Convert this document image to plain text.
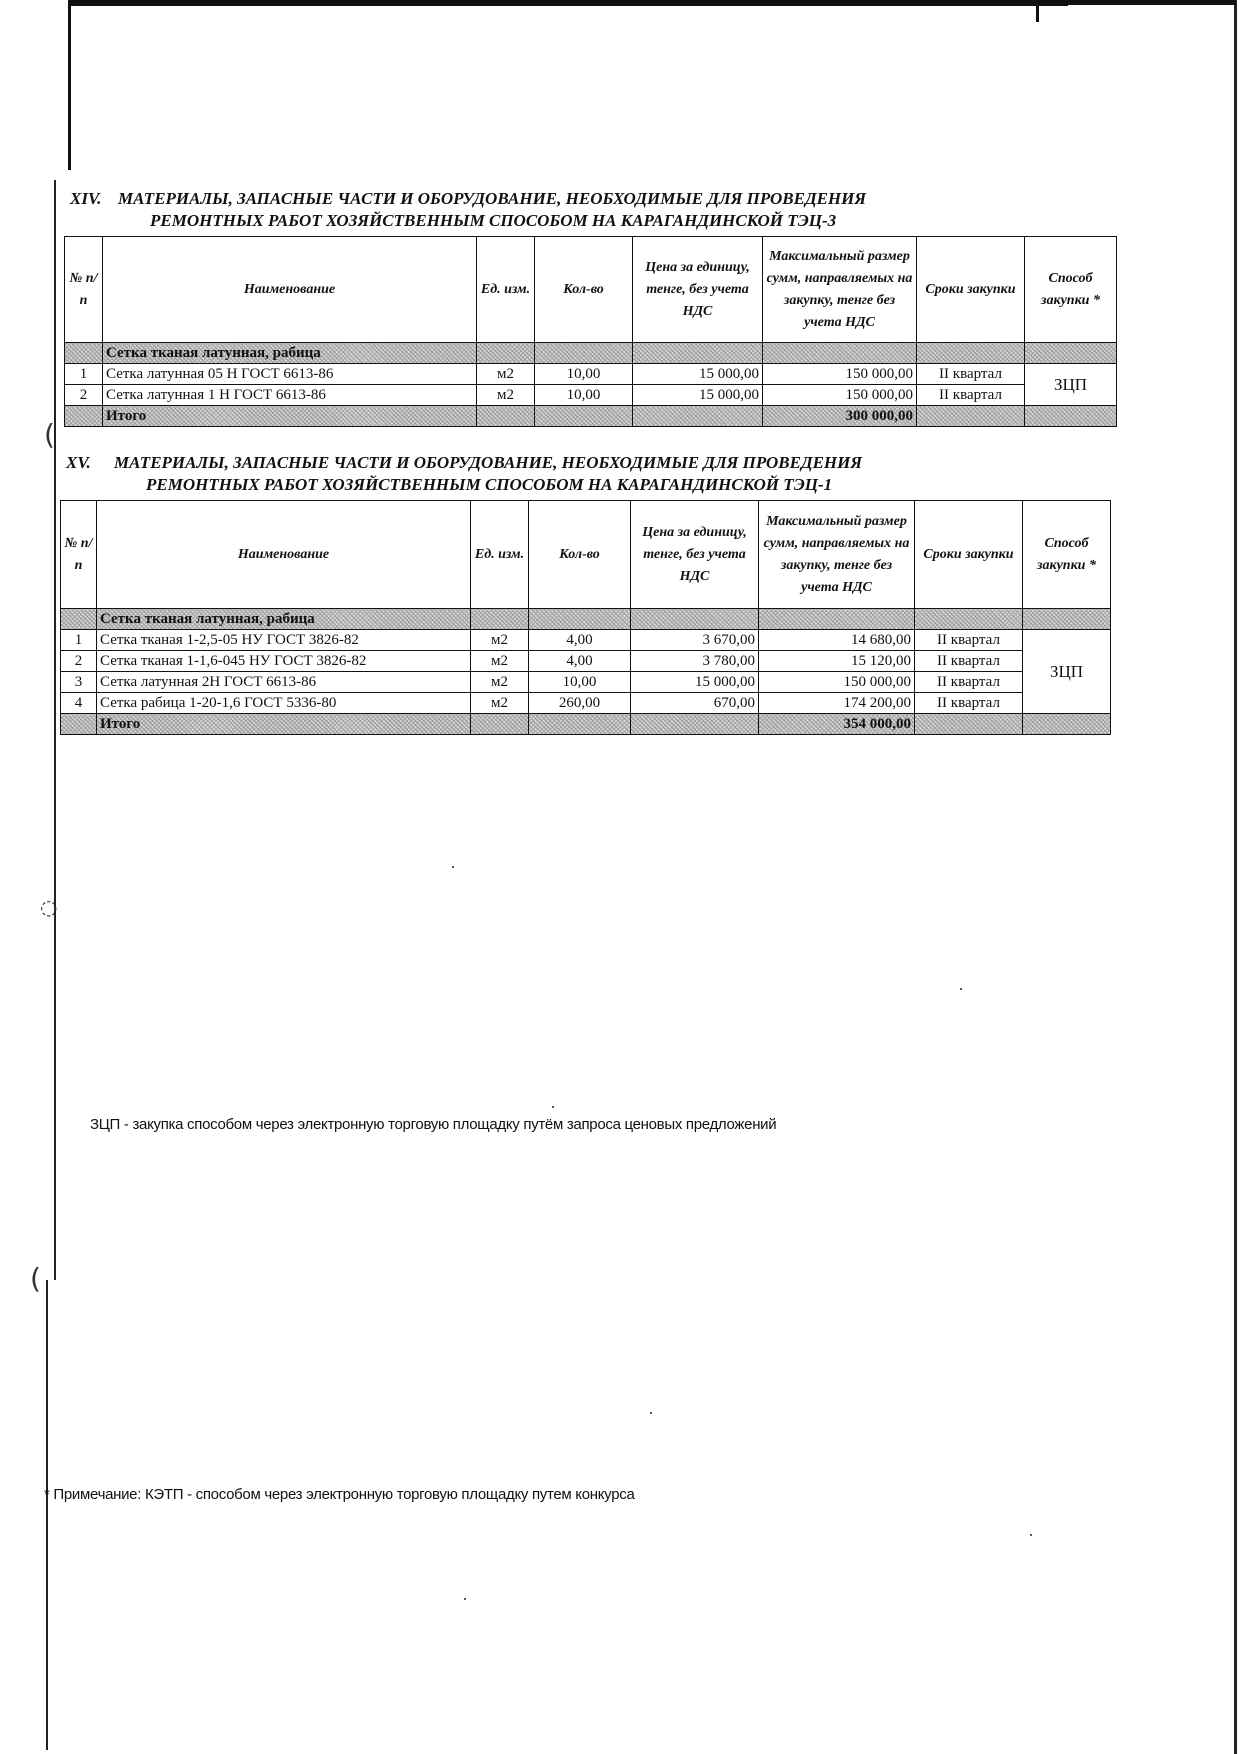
(
◌
(
XIV. МАТЕРИАЛЫ, ЗАПАСНЫЕ ЧАСТИ И ОБОРУДОВАНИЕ, НЕОБХОДИМЫЕ ДЛЯ ПРОВЕДЕНИЯ
РЕМОНТНЫХ РАБОТ ХОЗЯЙСТВЕННЫМ СПОСОБОМ НА КАРАГАНДИНСКОЙ ТЭЦ-3
№ п/п	Наименование	Ед. изм.	Кол-во	Цена за единицу, тенге, без учета НДС	Максимальный размер сумм, направляемых на закупку, тенге без учета НДС	Сроки закупки	Способ закупки *
	Сетка тканая латунная, рабица						
1	Сетка латунная 05 Н ГОСТ 6613-86	м2	10,00	15 000,00	150 000,00	II квартал	ЗЦП
2	Сетка латунная 1 Н ГОСТ 6613-86	м2	10,00	15 000,00	150 000,00	II квартал	
	Итого				300 000,00		
XV. МАТЕРИАЛЫ, ЗАПАСНЫЕ ЧАСТИ И ОБОРУДОВАНИЕ, НЕОБХОДИМЫЕ ДЛЯ ПРОВЕДЕНИЯ
РЕМОНТНЫХ РАБОТ ХОЗЯЙСТВЕННЫМ СПОСОБОМ НА КАРАГАНДИНСКОЙ ТЭЦ-1
№ п/п	Наименование	Ед. изм.	Кол-во	Цена за единицу, тенге, без учета НДС	Максимальный размер сумм, направляемых на закупку, тенге без учета НДС	Сроки закупки	Способ закупки *
	Сетка тканая латунная, рабица						
1	Сетка тканая 1-2,5-05 НУ ГОСТ 3826-82	м2	4,00	3 670,00	14 680,00	II квартал	ЗЦП
2	Сетка тканая 1-1,6-045 НУ ГОСТ 3826-82	м2	4,00	3 780,00	15 120,00	II квартал	
3	Сетка латунная 2Н ГОСТ 6613-86	м2	10,00	15 000,00	150 000,00	II квартал	
4	Сетка рабица 1-20-1,6 ГОСТ 5336-80	м2	260,00	670,00	174 200,00	II квартал	
	Итого				354 000,00		
ЗЦП - закупка способом через электронную торговую площадку путём запроса ценовых предложений
* Примечание: КЭТП - способом через электронную торговую площадку путем конкурса
